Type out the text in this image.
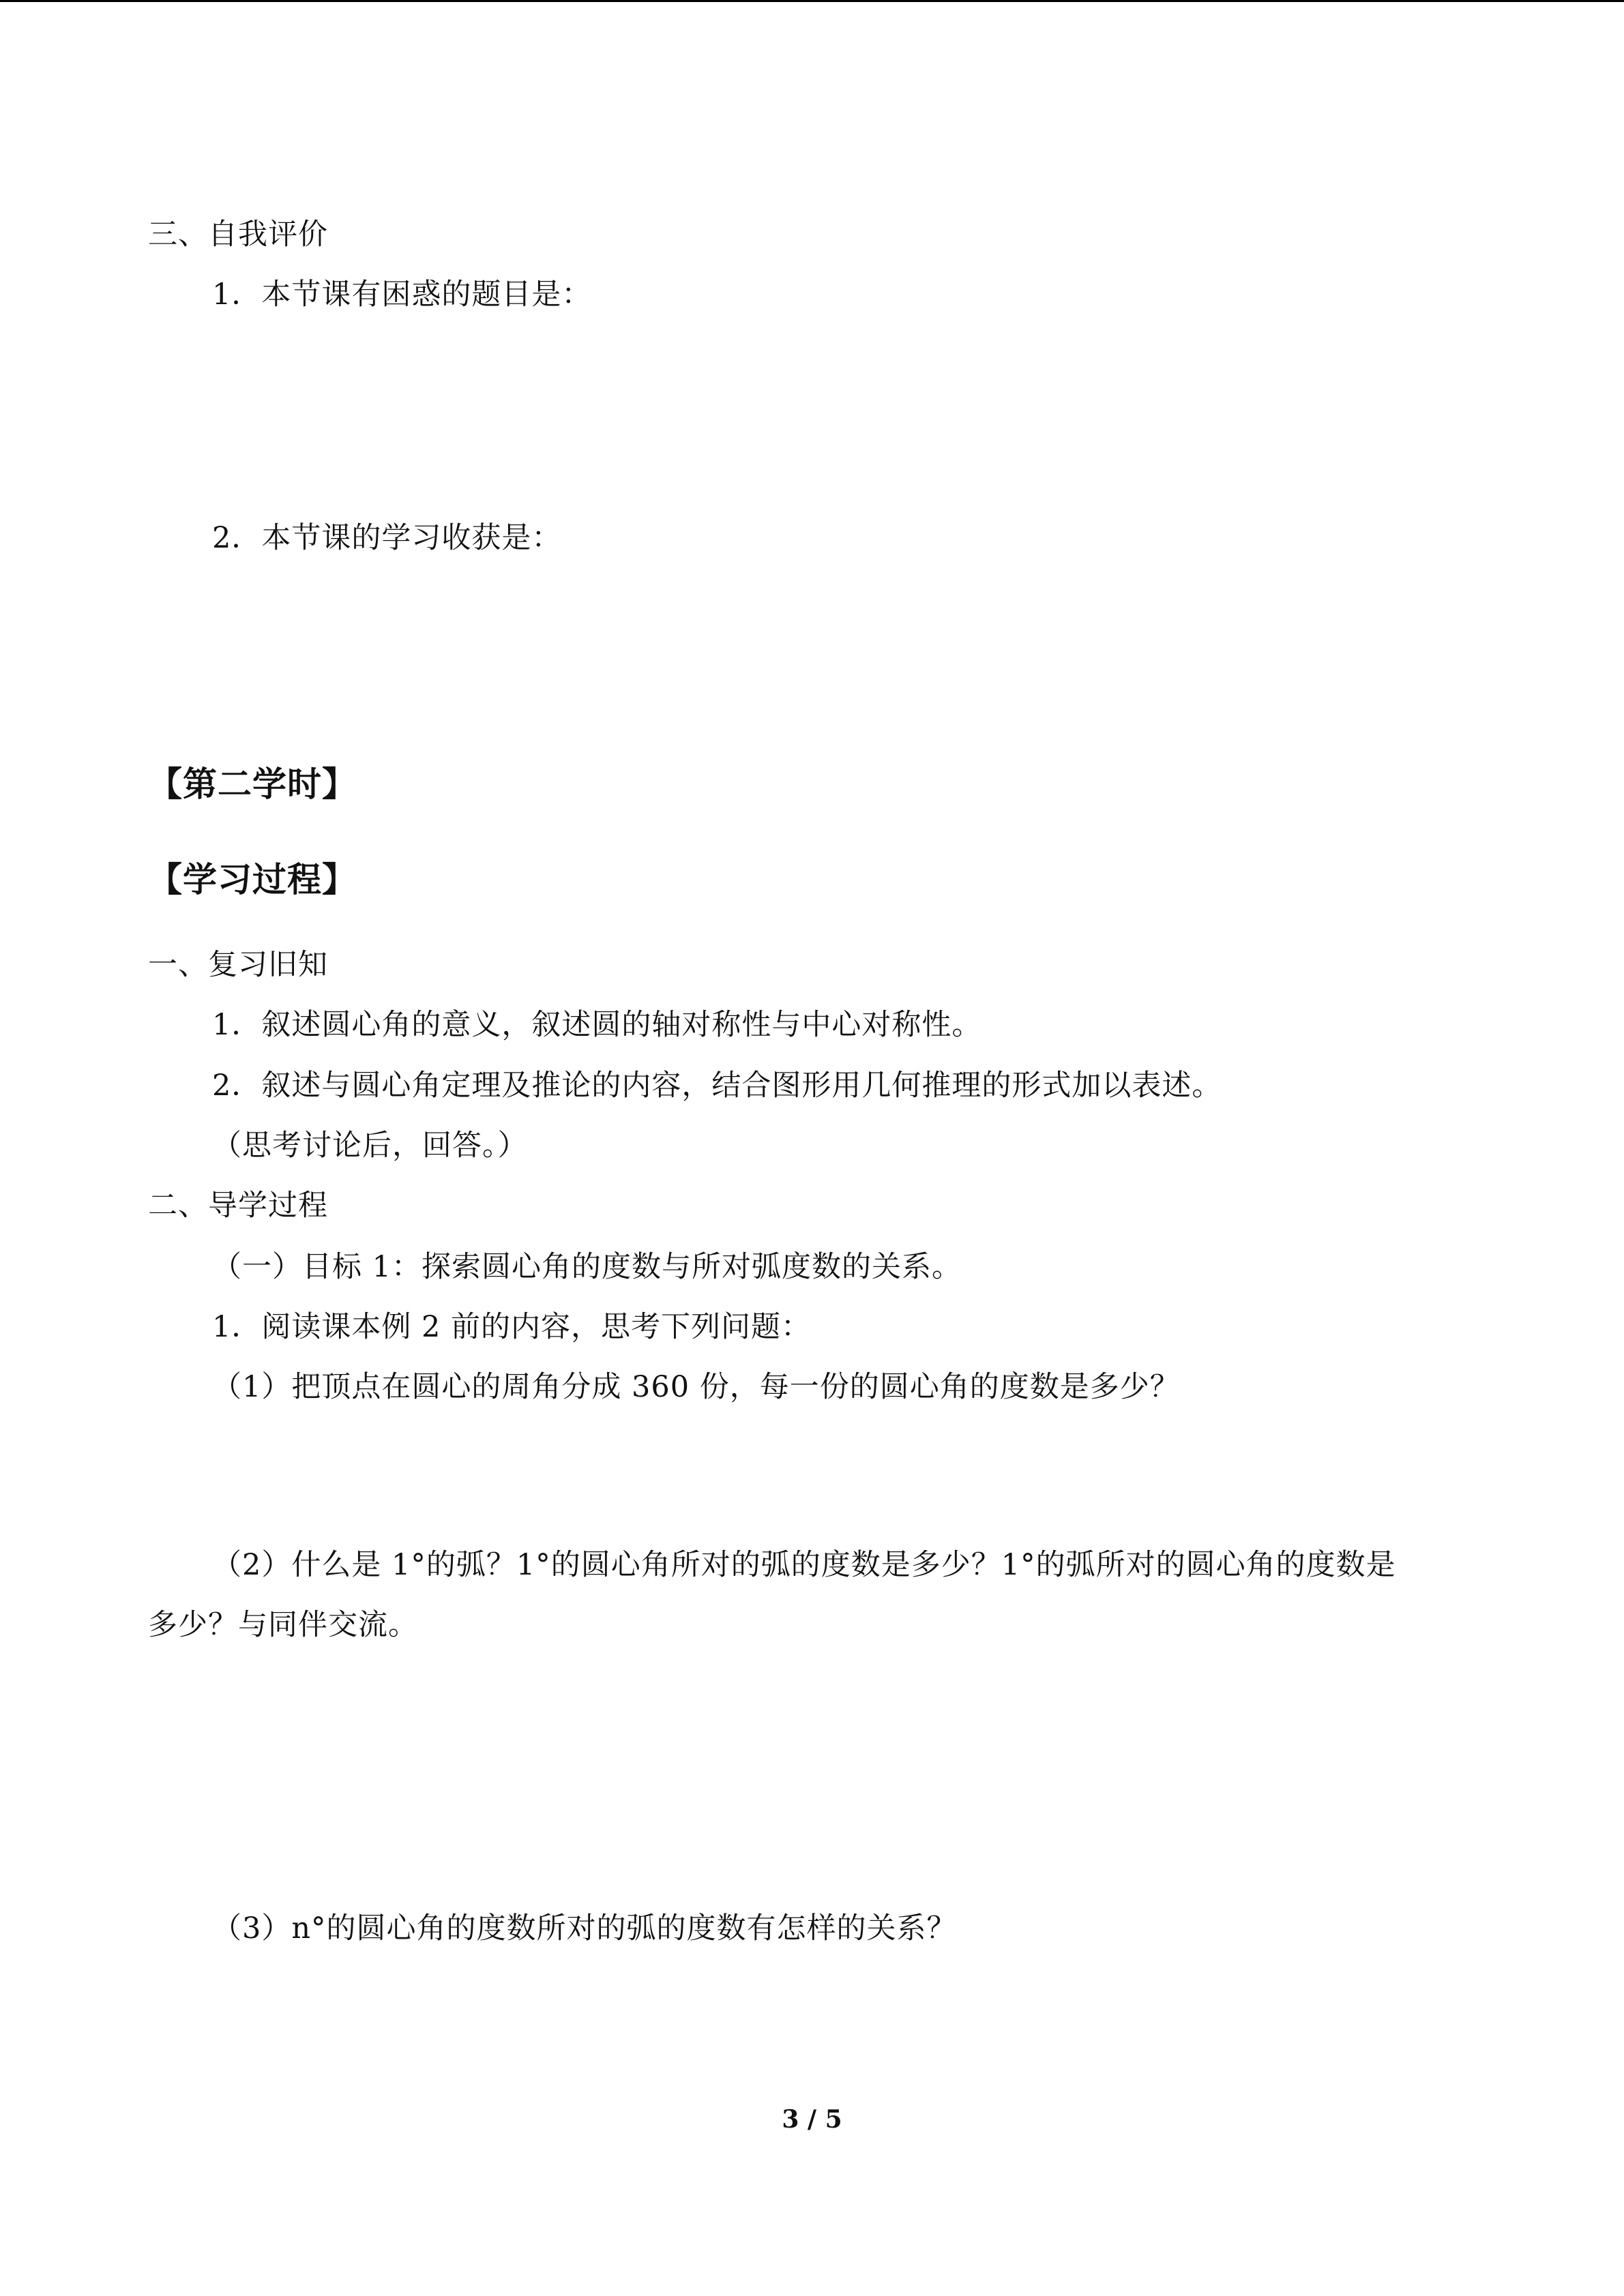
三、自我评价
1．本节课有困惑的题目是：
2．本节课的学习收获是：
【第二学时】
【学习过程】
一、复习旧知
1．叙述圆心角的意义，叙述圆的轴对称性与中心对称性。
2．叙述与圆心角定理及推论的内容，结合图形用几何推理的形式加以表述。
（思考讨论后，回答。）
二、导学过程
（一）目标 1：探索圆心角的度数与所对弧度数的关系。
1．阅读课本例 2 前的内容，思考下列问题：
（1）把顶点在圆心的周角分成 360 份，每一份的圆心角的度数是多少？
（2）什么是 1°的弧？1°的圆心角所对的弧的度数是多少？1°的弧所对的圆心角的度数是
多少？与同伴交流。
（3）n°的圆心角的度数所对的弧的度数有怎样的关系？
3 / 5
